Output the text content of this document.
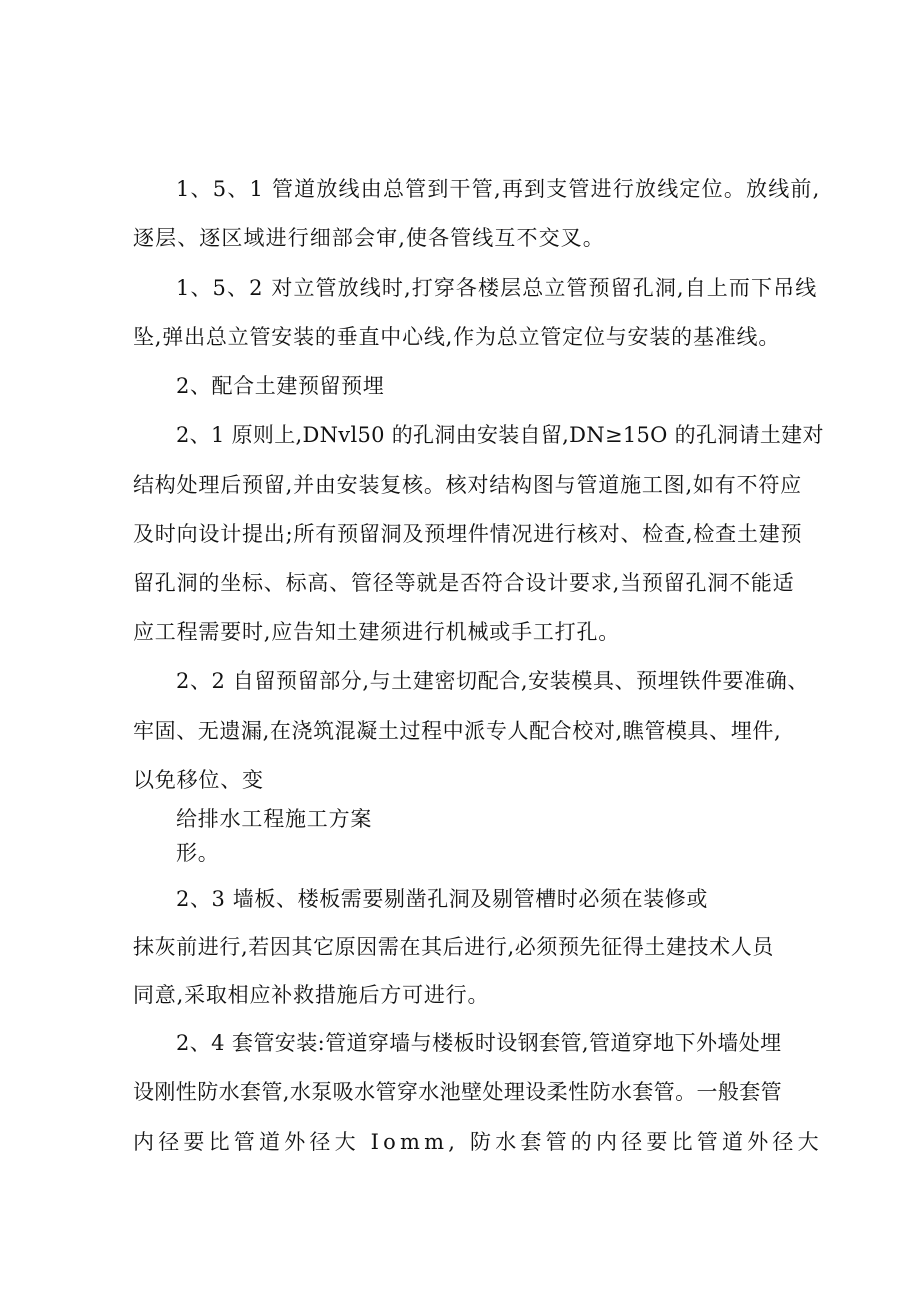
1、5、1 管道放线由总管到干管,再到支管进行放线定位。放线前,
逐层、逐区域进行细部会审,使各管线互不交叉。
1、5、2 对立管放线时,打穿各楼层总立管预留孔洞,自上而下吊线
坠,弹出总立管安装的垂直中心线,作为总立管定位与安装的基准线。
2、配合土建预留预埋
2、1 原则上,DNvl50 的孔洞由安装自留,DN≥15O 的孔洞请土建对
结构处理后预留,并由安装复核。核对结构图与管道施工图,如有不符应
及时向设计提出;所有预留洞及预埋件情况进行核对、检查,检查土建预
留孔洞的坐标、标高、管径等就是否符合设计要求,当预留孔洞不能适
应工程需要时,应告知土建须进行机械或手工打孔。
2、2 自留预留部分,与土建密切配合,安装模具、预埋铁件要准确、
牢固、无遗漏,在浇筑混凝土过程中派专人配合校对,瞧管模具、埋件,
以免移位、变
给排水工程施工方案
形。
2、3 墙板、楼板需要剔凿孔洞及剔管槽时必须在装修或
抹灰前进行,若因其它原因需在其后进行,必须预先征得土建技术人员
同意,采取相应补救措施后方可进行。
2、4 套管安装:管道穿墙与楼板时设钢套管,管道穿地下外墙处埋
设刚性防水套管,水泵吸水管穿水池壁处理设柔性防水套管。一般套管
内径要比管道外径大 Iomm, 防水套管的内径要比管道外径大
